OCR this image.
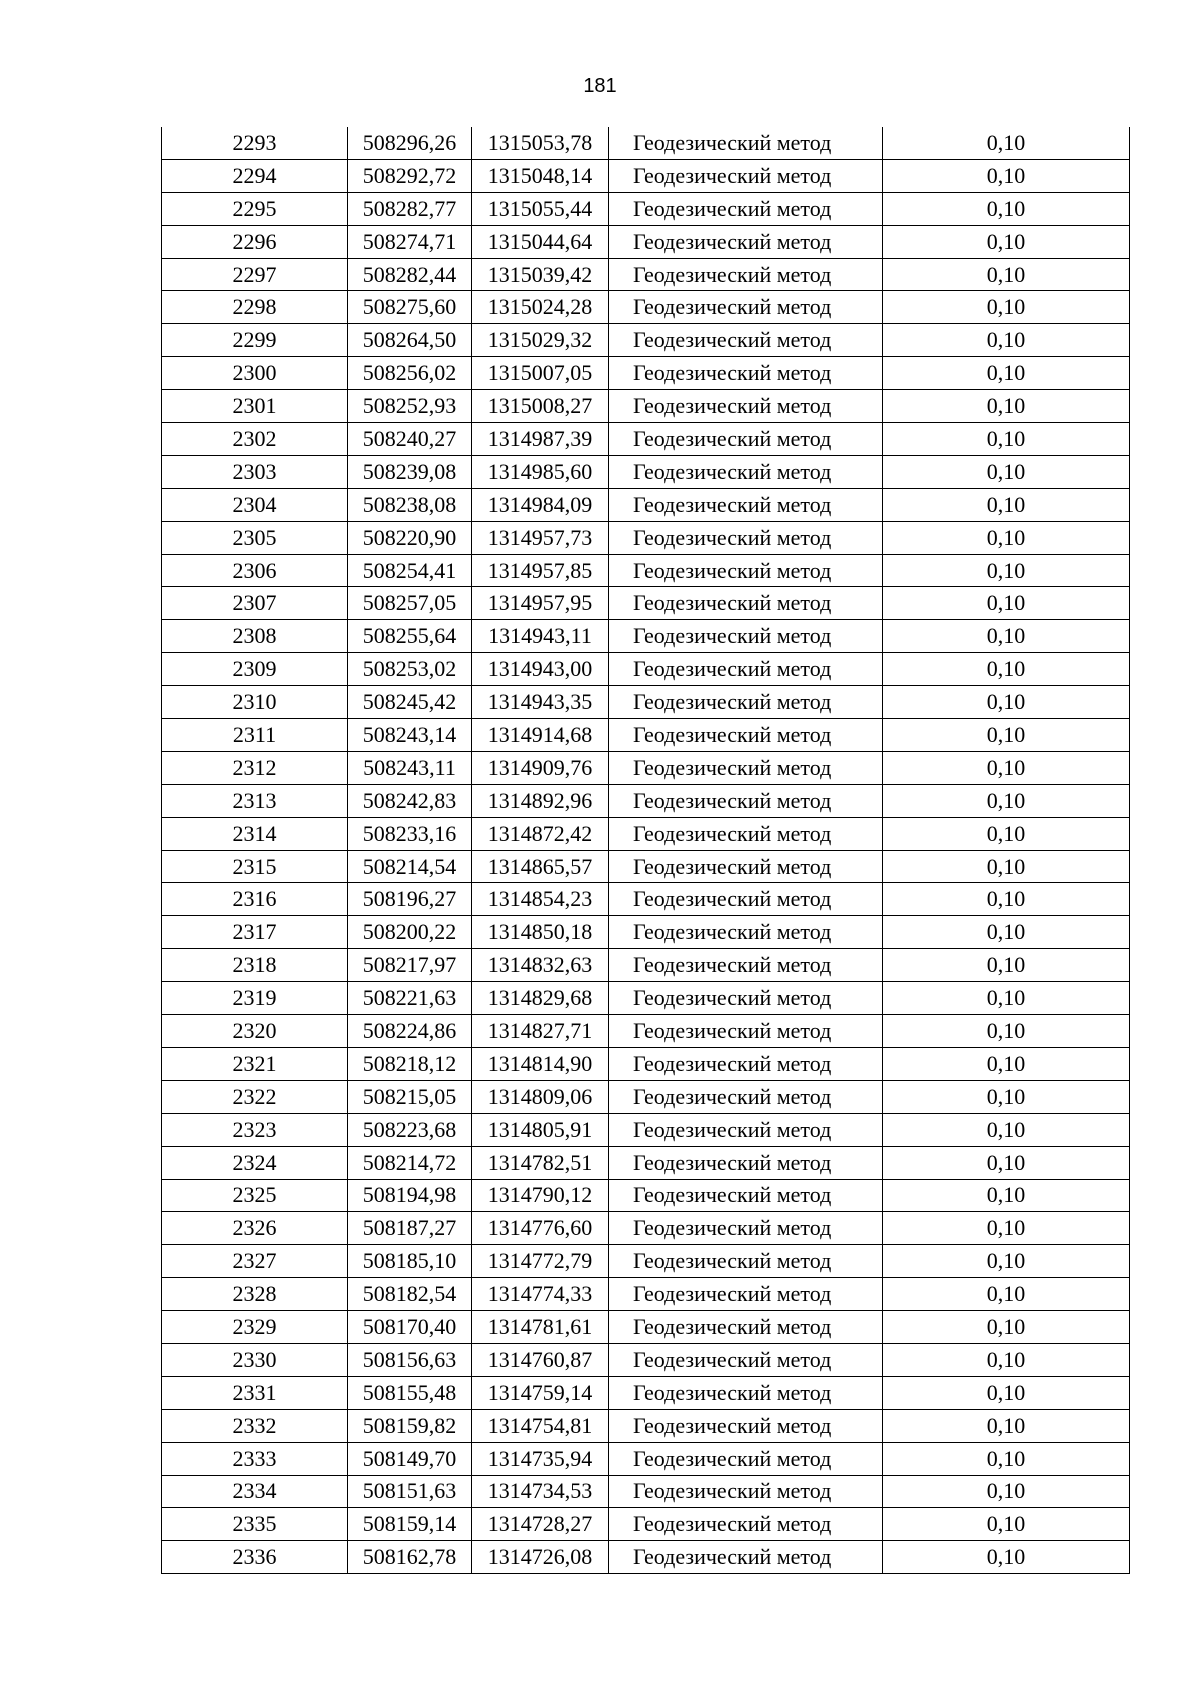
181
2293	508296,26	1315053,78	Геодезический метод	0,10
2294	508292,72	1315048,14	Геодезический метод	0,10
2295	508282,77	1315055,44	Геодезический метод	0,10
2296	508274,71	1315044,64	Геодезический метод	0,10
2297	508282,44	1315039,42	Геодезический метод	0,10
2298	508275,60	1315024,28	Геодезический метод	0,10
2299	508264,50	1315029,32	Геодезический метод	0,10
2300	508256,02	1315007,05	Геодезический метод	0,10
2301	508252,93	1315008,27	Геодезический метод	0,10
2302	508240,27	1314987,39	Геодезический метод	0,10
2303	508239,08	1314985,60	Геодезический метод	0,10
2304	508238,08	1314984,09	Геодезический метод	0,10
2305	508220,90	1314957,73	Геодезический метод	0,10
2306	508254,41	1314957,85	Геодезический метод	0,10
2307	508257,05	1314957,95	Геодезический метод	0,10
2308	508255,64	1314943,11	Геодезический метод	0,10
2309	508253,02	1314943,00	Геодезический метод	0,10
2310	508245,42	1314943,35	Геодезический метод	0,10
2311	508243,14	1314914,68	Геодезический метод	0,10
2312	508243,11	1314909,76	Геодезический метод	0,10
2313	508242,83	1314892,96	Геодезический метод	0,10
2314	508233,16	1314872,42	Геодезический метод	0,10
2315	508214,54	1314865,57	Геодезический метод	0,10
2316	508196,27	1314854,23	Геодезический метод	0,10
2317	508200,22	1314850,18	Геодезический метод	0,10
2318	508217,97	1314832,63	Геодезический метод	0,10
2319	508221,63	1314829,68	Геодезический метод	0,10
2320	508224,86	1314827,71	Геодезический метод	0,10
2321	508218,12	1314814,90	Геодезический метод	0,10
2322	508215,05	1314809,06	Геодезический метод	0,10
2323	508223,68	1314805,91	Геодезический метод	0,10
2324	508214,72	1314782,51	Геодезический метод	0,10
2325	508194,98	1314790,12	Геодезический метод	0,10
2326	508187,27	1314776,60	Геодезический метод	0,10
2327	508185,10	1314772,79	Геодезический метод	0,10
2328	508182,54	1314774,33	Геодезический метод	0,10
2329	508170,40	1314781,61	Геодезический метод	0,10
2330	508156,63	1314760,87	Геодезический метод	0,10
2331	508155,48	1314759,14	Геодезический метод	0,10
2332	508159,82	1314754,81	Геодезический метод	0,10
2333	508149,70	1314735,94	Геодезический метод	0,10
2334	508151,63	1314734,53	Геодезический метод	0,10
2335	508159,14	1314728,27	Геодезический метод	0,10
2336	508162,78	1314726,08	Геодезический метод	0,10
